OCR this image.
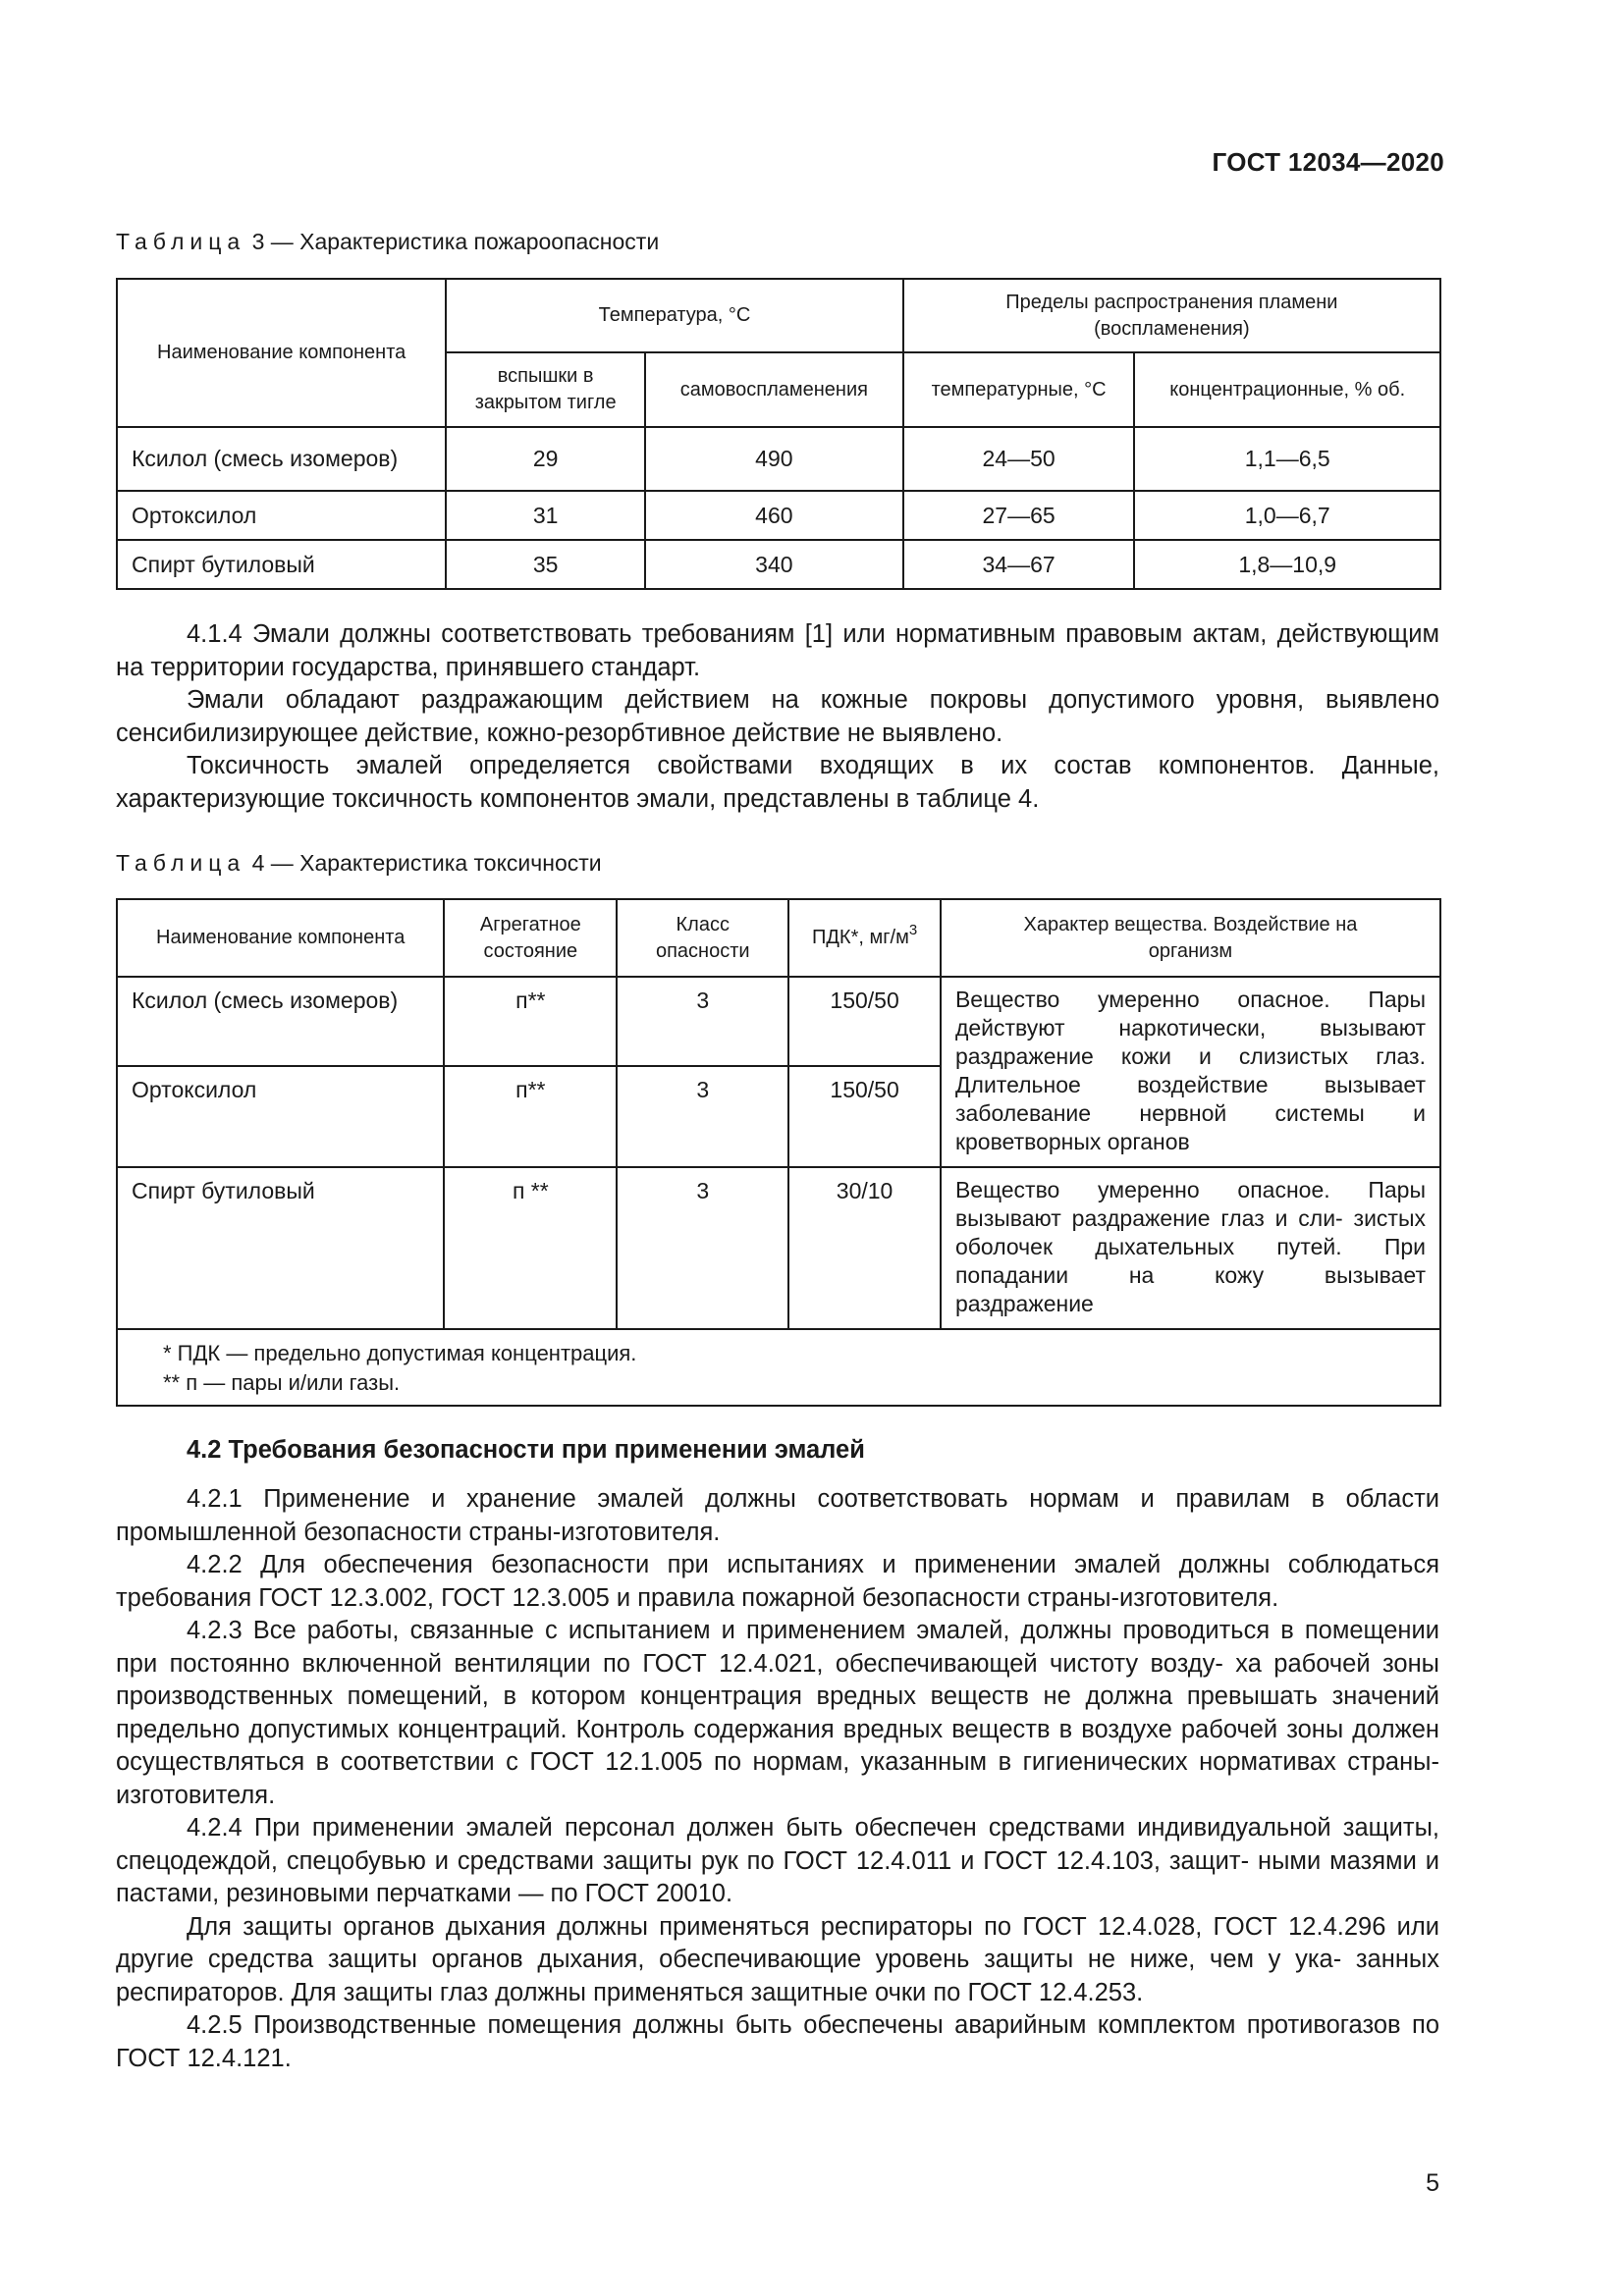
ГОСТ 12034—2020
Таблица 3 — Характеристика пожароопасности
Наименование компонента	Температура, °С		Пределы распространения пламени (воспламенения)	
	вспышки в закрытом тигле	самовоспламенения	температурные, °С	концентрационные, % об.
Ксилол (смесь изомеров)	29	490	24—50	1,1—6,5
Ортоксилол	31	460	27—65	1,0—6,7
Спирт бутиловый	35	340	34—67	1,8—10,9

4.1.4 Эмали должны соответствовать требованиям [1] или нормативным правовым актам, действующим на территории государства, принявшего стандарт.

Эмали обладают раздражающим действием на кожные покровы допустимого уровня, выявлено сенсибилизирующее действие, кожно-резорбтивное действие не выявлено.

Токсичность эмалей определяется свойствами входящих в их состав компонентов. Данные, характеризующие токсичность компонентов эмали, представлены в таблице 4.

Таблица 4 — Характеристика токсичности
Наименование компонента	Агрегатное состояние	Класс опасности	ПДК*, $мг/м^3$	Характер вещества. Воздействие на организм
Ксилол (смесь изомеров)	п**	3	150/50	Вещество умеренно опасное. Пары действуют наркотически, вызывают раздражение кожи и слизистых глаз. Длительное воздействие вызывает заболевание нервной системы и
кроветворных органов

Ортоксилол	п**	3	150/50	
Спирт бутиловый	п **	3	30/10	Вещество умеренно опасное. Пары вызывают раздражение глаз и сли- зистых оболочек дыхательных путей. При попадании на кожу вызывает
раздражение

* ПДК — предельно допустимая концентрация.
** п — пары и/или газы.				
4.2 Требования безопасности при применении эмалей

4.2.1 Применение и хранение эмалей должны соответствовать нормам и правилам в области промышленной безопасности страны-изготовителя.

4.2.2 Для обеспечения безопасности при испытаниях и применении эмалей должны соблюдаться требования ГОСТ 12.3.002, ГОСТ 12.3.005 и правила пожарной безопасности страны-изготовителя.

4.2.3 Все работы, связанные с испытанием и применением эмалей, должны проводиться в помещении при постоянно включенной вентиляции по ГОСТ 12.4.021, обеспечивающей чистоту возду- ха рабочей зоны производственных помещений, в котором концентрация вредных веществ не должна превышать значений предельно допустимых концентраций. Контроль содержания вредных веществ в воздухе рабочей зоны должен осуществляться в соответствии с ГОСТ 12.1.005 по нормам, указанным в гигиенических нормативах страны-изготовителя.

4.2.4 При применении эмалей персонал должен быть обеспечен средствами индивидуальной защиты, спецодеждой, спецобувью и средствами защиты рук по ГОСТ 12.4.011 и ГОСТ 12.4.103, защит- ными мазями и пастами, резиновыми перчатками — по ГОСТ 20010.

Для защиты органов дыхания должны применяться респираторы по ГОСТ 12.4.028, ГОСТ 12.4.296 или другие средства защиты органов дыхания, обеспечивающие уровень защиты не ниже, чем у ука- занных респираторов. Для защиты глаз должны применяться защитные очки по ГОСТ 12.4.253.

4.2.5 Производственные помещения должны быть обеспечены аварийным комплектом противогазов по ГОСТ 12.4.121.

5
